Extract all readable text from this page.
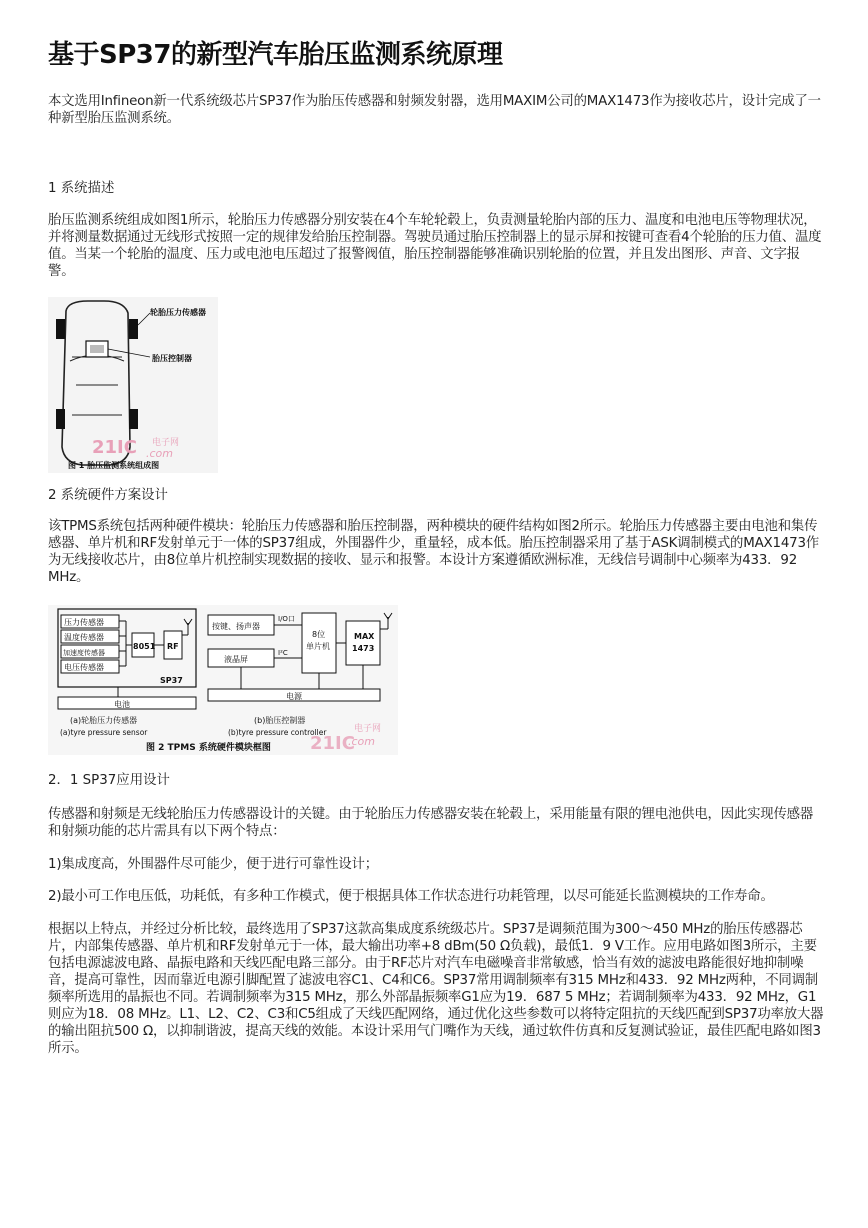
基于SP37的新型汽车胎压监测系统原理

本文选用Infineon新一代系统级芯片SP37作为胎压传感器和射频发射器，选用MAXIM公司的MAX1473作为接收芯片，设计完成了一种新型胎压监测系统。

1 系统描述

胎压监测系统组成如图1所示，轮胎压力传感器分别安装在4个车轮轮毂上，负责测量轮胎内部的压力、温度和电池电压等物理状况，并将测量数据通过无线形式按照一定的规律发给胎压控制器。驾驶员通过胎压控制器上的显示屏和按键可查看4个轮胎的压力值、温度值。当某一个轮胎的温度、压力或电池电压超过了报警阀值，胎压控制器能够准确识别轮胎的位置，并且发出图形、声音、文字报警。

轮胎压力传感器
胎压控制器
21IC 电子网
.com
图 1 胎压监测系统组成图

2 系统硬件方案设计

该TPMS系统包括两种硬件模块：轮胎压力传感器和胎压控制器，两种模块的硬件结构如图2所示。轮胎压力传感器主要由电池和集传感器、单片机和RF发射单元于一体的SP37组成，外围器件少，重量轻，成本低。胎压控制器采用了基于ASK调制模式的MAX1473作为无线接收芯片，由8位单片机控制实现数据的接收、显示和报警。本设计方案遵循欧洲标准，无线信号调制中心频率为433．92 MHz。

压力传感器
温度传感器
加速度传感器
电压传感器
8051 RF
SP37
电池
按键、扬声器
液晶屏
I/O口
I²C
8位
单片机
MAX
1473
电源
(a)轮胎压力传感器
(a)tyre pressure sensor
(b)胎压控制器
(b)tyre pressure controller
图 2 TPMS 系统硬件模块框图 21IC
电子网
.com

2．1 SP37应用设计

传感器和射频是无线轮胎压力传感器设计的关键。由于轮胎压力传感器安装在轮毂上，采用能量有限的锂电池供电，因此实现传感器和射频功能的芯片需具有以下两个特点：

1)集成度高，外围器件尽可能少，便于进行可靠性设计；

2)最小可工作电压低，功耗低，有多种工作模式，便于根据具体工作状态进行功耗管理，以尽可能延长监测模块的工作寿命。

根据以上特点，并经过分析比较，最终选用了SP37这款高集成度系统级芯片。SP37是调频范围为300～450 MHz的胎压传感器芯片，内部集传感器、单片机和RF发射单元于一体，最大输出功率+8 dBm(50 Ω负载)，最低1．9 V工作。应用电路如图3所示，主要包括电源滤波电路、晶振电路和天线匹配电路三部分。由于RF芯片对汽车电磁噪音非常敏感，恰当有效的滤波电路能很好地抑制噪音，提高可靠性，因而靠近电源引脚配置了滤波电容C1、C4和C6。SP37常用调制频率有315 MHz和433．92 MHz两种，不同调制频率所选用的晶振也不同。若调制频率为315 MHz，那么外部晶振频率G1应为19．687 5 MHz；若调制频率为433．92 MHz，G1则应为18．08 MHz。L1、L2、C2、C3和C5组成了天线匹配网络，通过优化这些参数可以将特定阻抗的天线匹配到SP37功率放大器的输出阻抗500 Ω，以抑制谐波，提高天线的效能。本设计采用气门嘴作为天线，通过软件仿真和反复测试验证，最佳匹配电路如图3所示。
